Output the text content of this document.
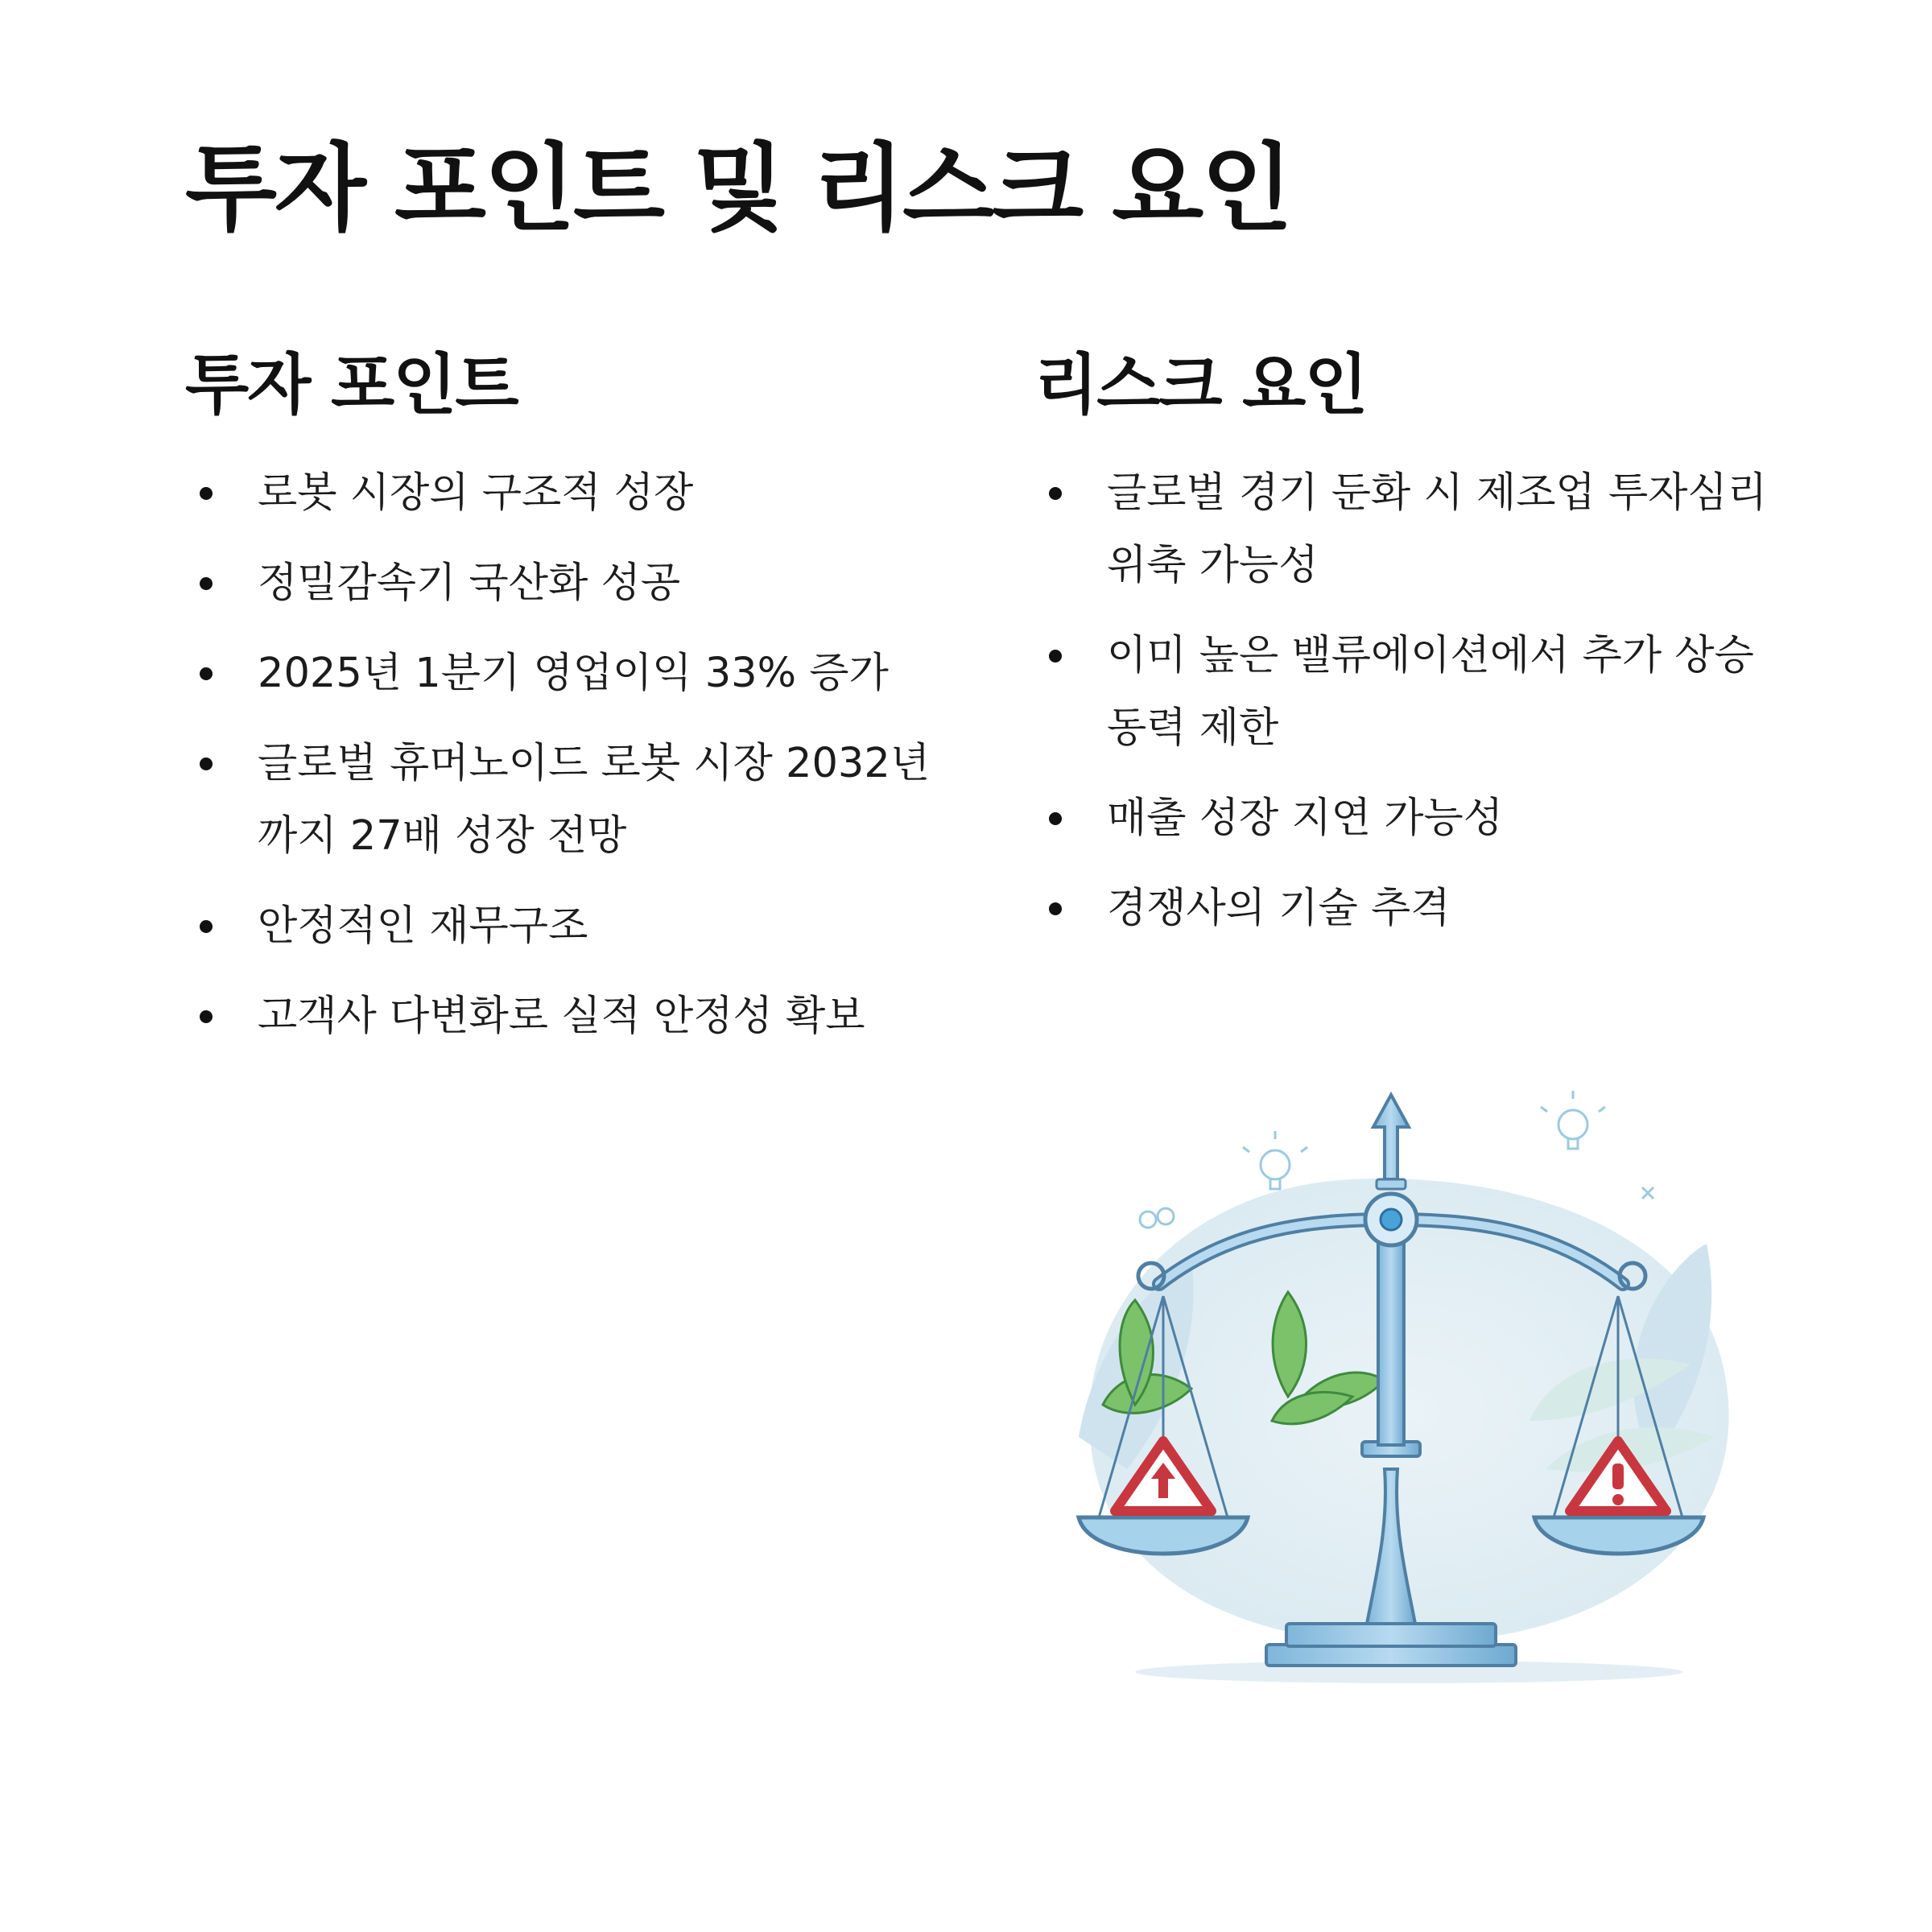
투자 포인트 및 리스크 요인
투자 포인트
로봇 시장의 구조적 성장
정밀감속기 국산화 성공
2025년 1분기 영업이익 33% 증가
글로벌 휴머노이드 로봇 시장 2032년까지 27배 성장 전망
안정적인 재무구조
고객사 다변화로 실적 안정성 확보
리스크 요인
글로벌 경기 둔화 시 제조업 투자심리 위축 가능성
이미 높은 밸류에이션에서 추가 상승 동력 제한
매출 성장 지연 가능성
경쟁사의 기술 추격
